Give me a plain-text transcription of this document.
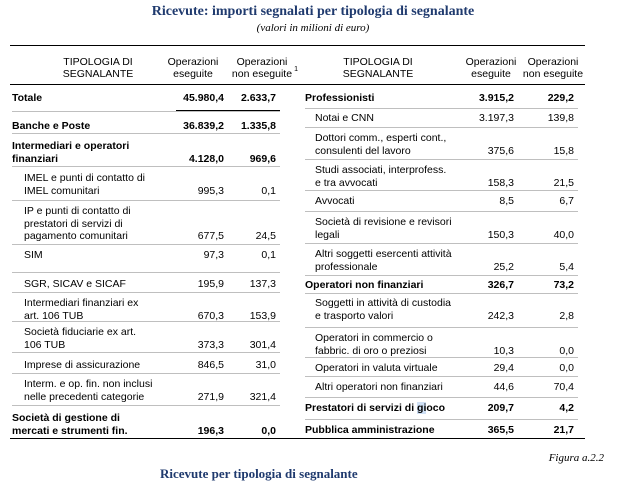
Ricevute: importi segnalati per tipologia di segnalante
(valori in milioni di euro)
TIPOLOGIA DI
SEGNALANTE
Operazioni
eseguite
Operazioni
non eseguite 1
TIPOLOGIA DI
SEGNALANTE
Operazioni
eseguite
Operazioni
non eseguite
Totale	45.980,4 2.633,7
Banche e Poste	36.839,2 1.335,8
Intermediari e operatori
finanziari	4.128,0 969,6
IMEL e punti di contatto di
IMEL comunitari	995,3	0,1
IP e punti di contatto di
prestatori di servizi di
pagamento comunitari	677,5	24,5
SIM	97,3	0,1
SGR, SICAV e SICAF	195,9 137,3
Intermediari finanziari ex
art. 106 TUB	670,3 153,9
Società fiduciarie ex art.
106 TUB	373,3 301,4
Imprese di assicurazione	846,5	31,0
Interm. e op. fin. non inclusi
nelle precedenti categorie	271,9 321,4
Società di gestione di
mercati e strumenti fin.	196,3	0,0
Professionisti	3.915,2	229,2
Notai e CNN	3.197,3	139,8
Dottori comm., esperti cont.,
consulenti del lavoro	375,6	15,8
Studi associati, interprofess.
e tra avvocati	158,3	21,5
Avvocati	8,5	6,7
Società di revisione e revisori
legali	150,3	40,0
Altri soggetti esercenti attività
professionale	25,2	5,4
Operatori non finanziari	326,7	73,2
Soggetti in attività di custodia
e trasporto valori	242,3	2,8
Operatori in commercio o
fabbric. di oro o preziosi	10,3	0,0
Operatori in valuta virtuale	29,4	0,0
Altri operatori non finanziari	44,6	70,4
Prestatori di servizi di gioco	209,7	4,2
Pubblica amministrazione	365,5	21,7
Figura a.2.2
Ricevute per tipologia di segnalante
